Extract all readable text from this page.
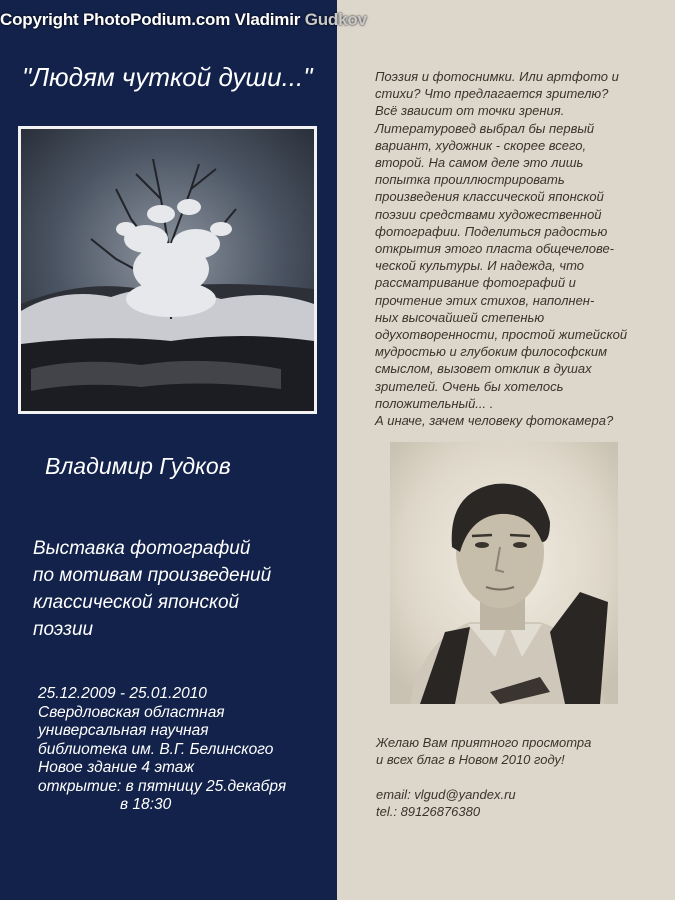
Copyright PhotoPodium.com Vladimir Gudkov
"Людям чуткой души..."
Владимир Гудков
Выставка фотографий
по мотивам произведений
классической японской
поэзии
25.12.2009 - 25.01.2010
Свердловская областная
универсальная научная
библиотека им. В.Г. Белинского
Новое здание 4 этаж
открытие: в пятницу 25.декабря
в 18:30
Поэзия и фотоснимки. Или артфото и
стихи? Что предлагается зрителю?
Всё зваисит от точки зрения.
Литературовед выбрал бы первый
вариант, художник - скорее всего,
второй. На самом деле это лишь
попытка проиллюстрировать
произведения классической японской
поэзии средствами художественной
фотографии. Поделиться радостью
открытия этого пласта общечелове-
ческой культуры. И надежда, что
рассматривание фотографий и
прочтение этих стихов, наполнен-
ных высочайшей степенью
одухотворенности, простой житейской
мудростью и глубоким философским
смыслом, вызовет отклик в душах
зрителей. Очень бы хотелось
положительный... .
А иначе, зачем человеку фотокамера?
Желаю Вам приятного просмотра
и всех благ в Новом 2010 году!
email: vlgud@yandex.ru
tel.: 89126876380
